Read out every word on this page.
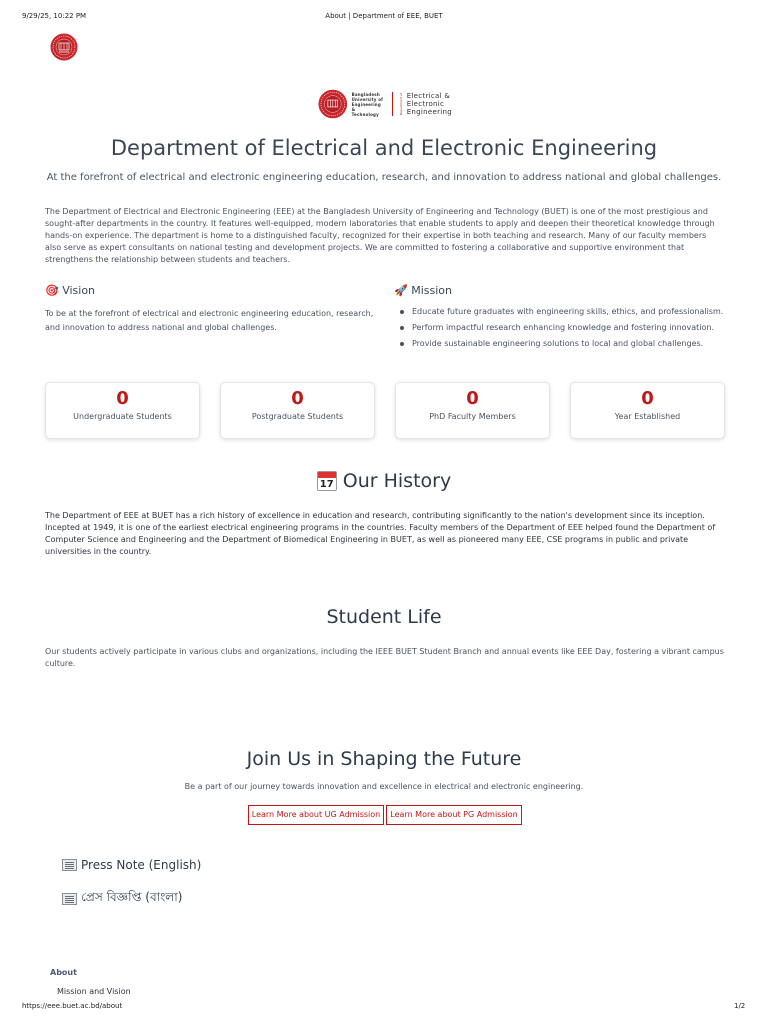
9/29/25, 10:22 PM	About | Department of EEE, BUET
Bangladesh
University of
Engineering &
Technology	Department of Electrical &
Electronic
Engineering
Department of Electrical and Electronic Engineering
At the forefront of electrical and electronic engineering education, research, and innovation to address national and global challenges.
The Department of Electrical and Electronic Engineering (EEE) at the Bangladesh University of Engineering and Technology (BUET) is one of the most prestigious and sought-after departments in the country. It features well-equipped, modern laboratories that enable students to apply and deepen their theoretical knowledge through hands-on experience. The department is home to a distinguished faculty, recognized for their expertise in both teaching and research. Many of our faculty members also serve as expert consultants on national testing and development projects. We are committed to fostering a collaborative and supportive environment that strengthens the relationship between students and teachers.
🎯 Vision
To be at the forefront of electrical and electronic engineering education, research, and innovation to address national and global challenges.
🚀 Mission
Educate future graduates with engineering skills, ethics, and professionalism.
Perform impactful research enhancing knowledge and fostering innovation.
Provide sustainable engineering solutions to local and global challenges.
0
Undergraduate Students
0
Postgraduate Students
0
PhD Faculty Members
0
Year Established
17 Our History
The Department of EEE at BUET has a rich history of excellence in education and research, contributing significantly to the nation's development since its inception. Incepted at 1949, it is one of the earliest electrical engineering programs in the countries. Faculty members of the Department of EEE helped found the Department of Computer Science and Engineering and the Department of Biomedical Engineering in BUET, as well as pioneered many EEE, CSE programs in public and private universities in the country.
Student Life
Our students actively participate in various clubs and organizations, including the IEEE BUET Student Branch and annual events like EEE Day, fostering a vibrant campus culture.
Join Us in Shaping the Future
Be a part of our journey towards innovation and excellence in electrical and electronic engineering.
Learn More about UG Admission	Learn More about PG Admission
Press Note (English)
প্রেস বিজ্ঞপ্তি (বাংলা)
About
Mission and Vision
https://eee.buet.ac.bd/about	1/2
